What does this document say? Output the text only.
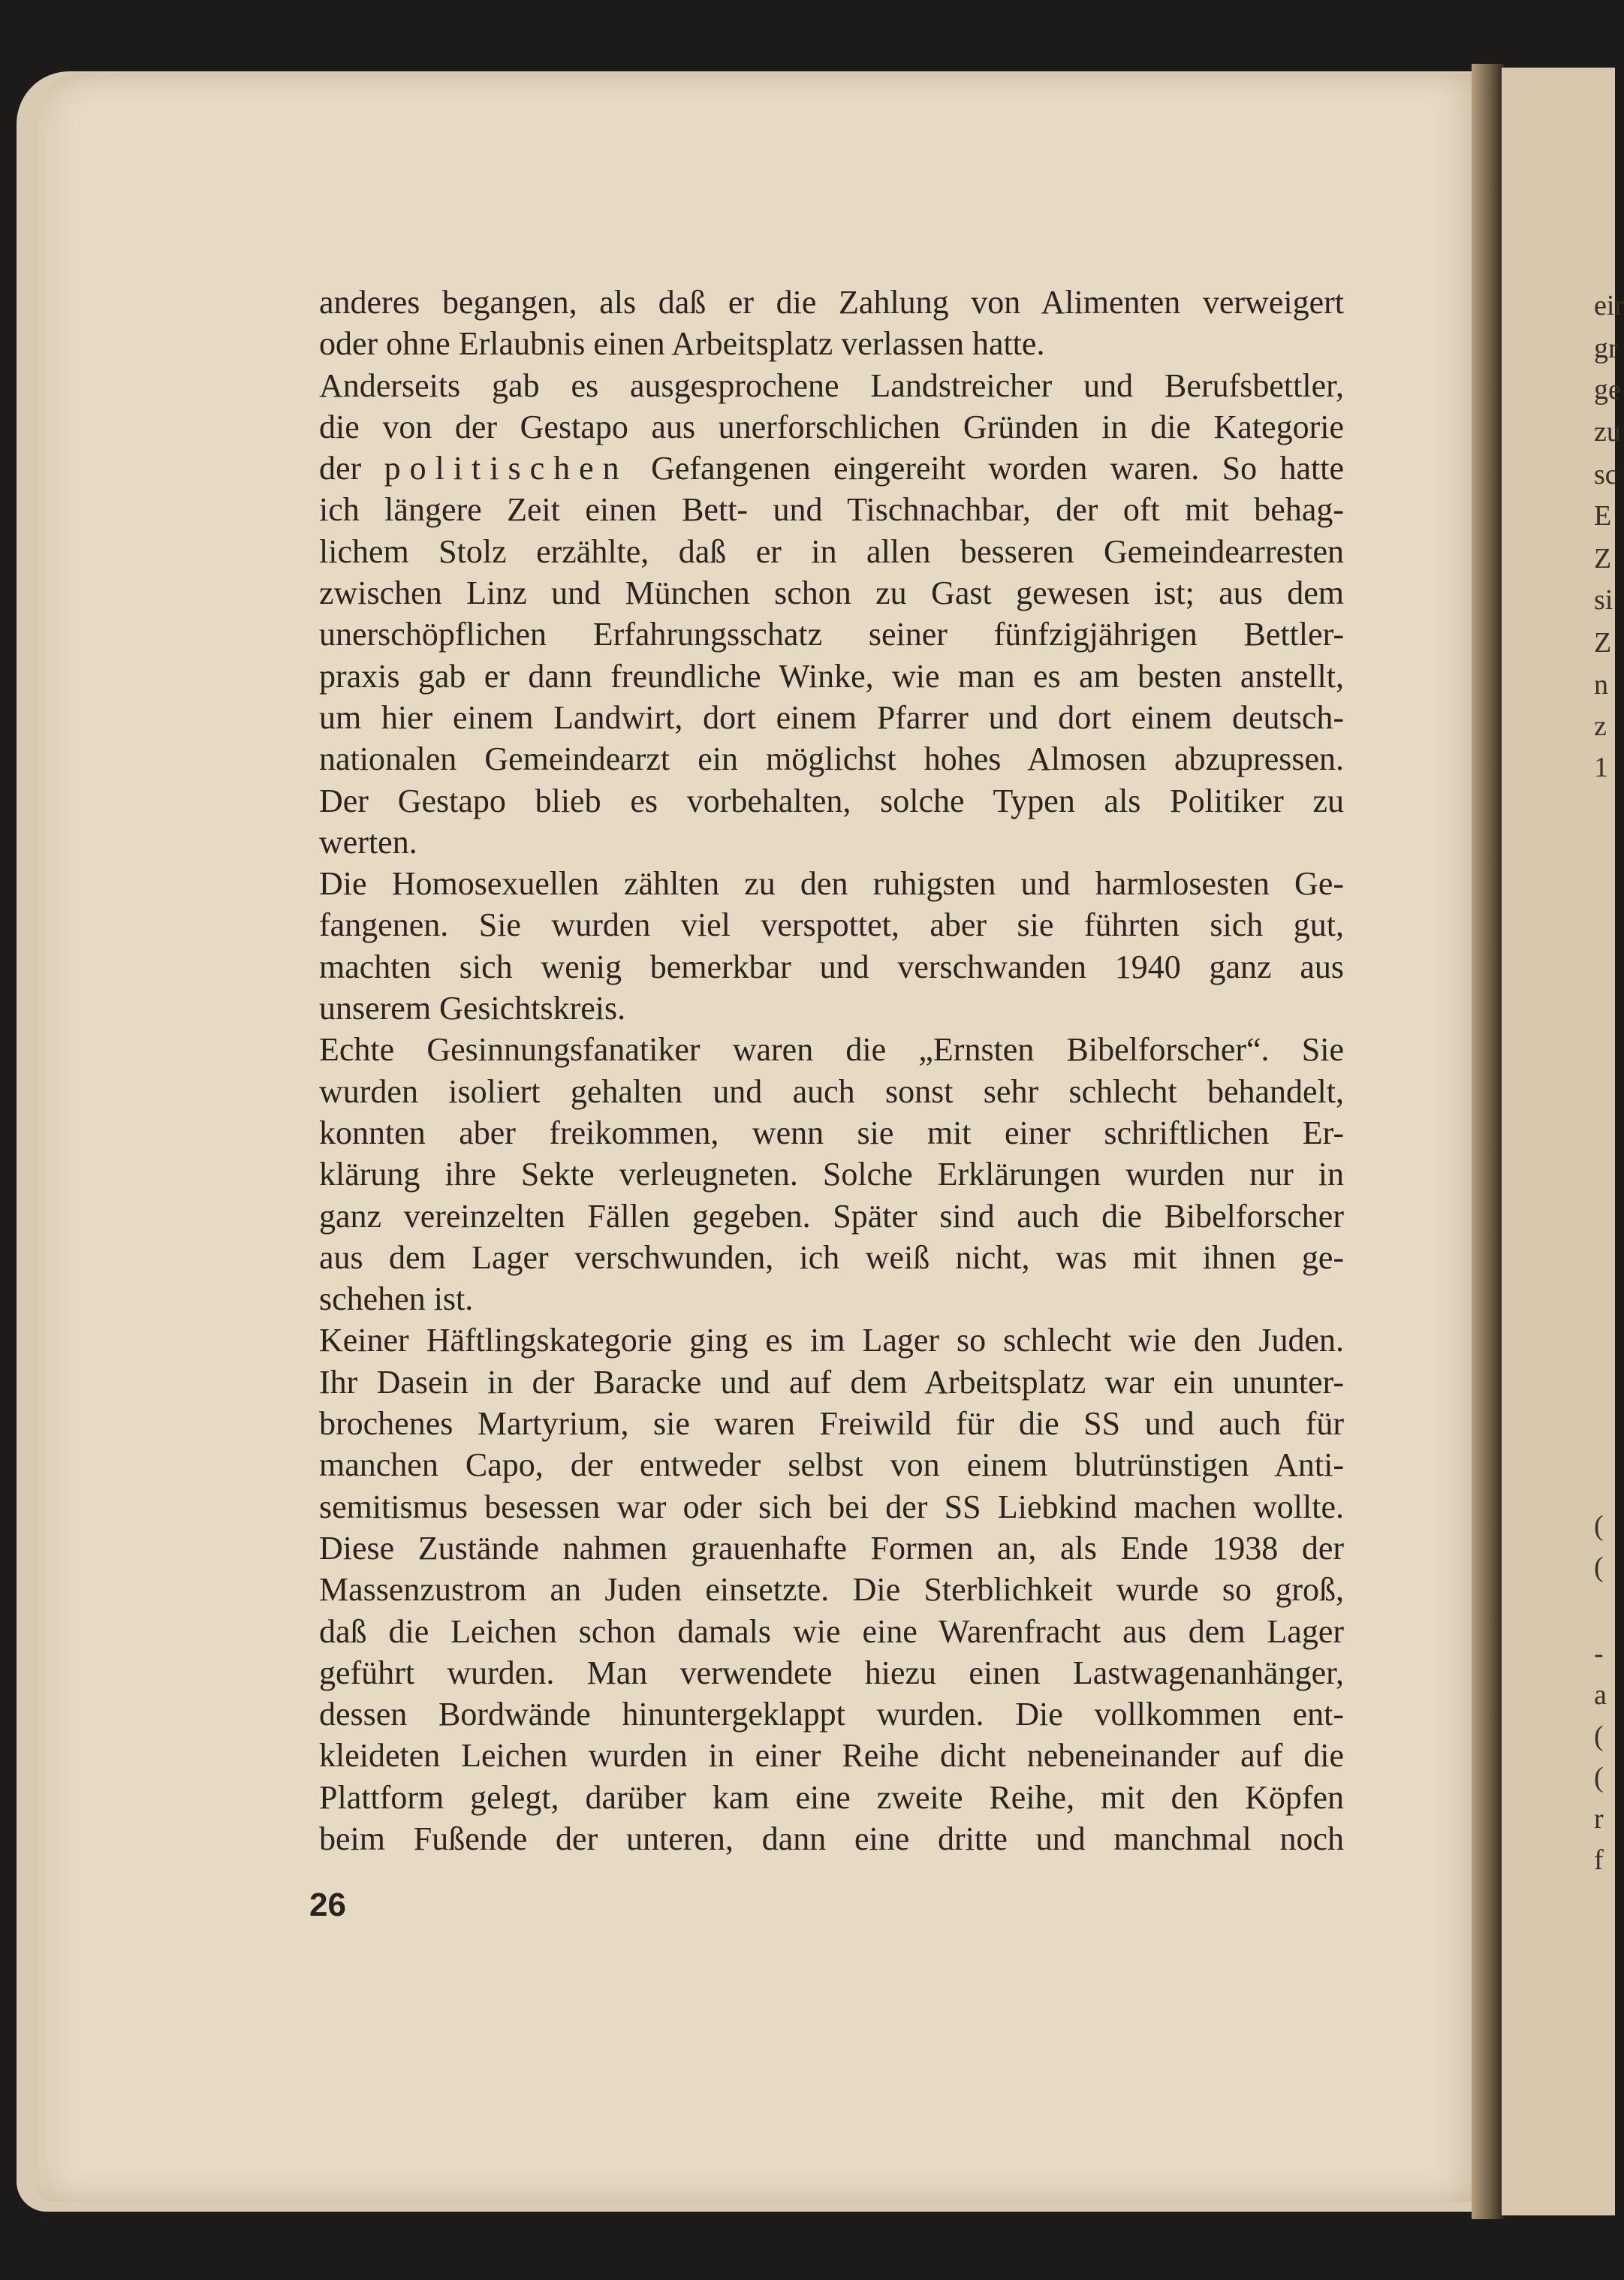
anderes begangen, als daß er die Zahlung von Alimenten verweigert
oder ohne Erlaubnis einen Arbeitsplatz verlassen hatte.
Anderseits gab es ausgesprochene Landstreicher und Berufsbettler,
die von der Gestapo aus unerforschlichen Gründen in die Kategorie
der politischen Gefangenen eingereiht worden waren. So hatte
ich längere Zeit einen Bett- und Tischnachbar, der oft mit behag-
lichem Stolz erzählte, daß er in allen besseren Gemeindearresten
zwischen Linz und München schon zu Gast gewesen ist; aus dem
unerschöpflichen Erfahrungsschatz seiner fünfzigjährigen Bettler-
praxis gab er dann freundliche Winke, wie man es am besten anstellt,
um hier einem Landwirt, dort einem Pfarrer und dort einem deutsch-
nationalen Gemeindearzt ein möglichst hohes Almosen abzupressen.
Der Gestapo blieb es vorbehalten, solche Typen als Politiker zu
werten.
Die Homosexuellen zählten zu den ruhigsten und harmlosesten Ge-
fangenen. Sie wurden viel verspottet, aber sie führten sich gut,
machten sich wenig bemerkbar und verschwanden 1940 ganz aus
unserem Gesichtskreis.
Echte Gesinnungsfanatiker waren die „Ernsten Bibelforscher“. Sie
wurden isoliert gehalten und auch sonst sehr schlecht behandelt,
konnten aber freikommen, wenn sie mit einer schriftlichen Er-
klärung ihre Sekte verleugneten. Solche Erklärungen wurden nur in
ganz vereinzelten Fällen gegeben. Später sind auch die Bibelforscher
aus dem Lager verschwunden, ich weiß nicht, was mit ihnen ge-
schehen ist.
Keiner Häftlingskategorie ging es im Lager so schlecht wie den Juden.
Ihr Dasein in der Baracke und auf dem Arbeitsplatz war ein ununter-
brochenes Martyrium, sie waren Freiwild für die SS und auch für
manchen Capo, der entweder selbst von einem blutrünstigen Anti-
semitismus besessen war oder sich bei der SS Liebkind machen wollte.
Diese Zustände nahmen grauenhafte Formen an, als Ende 1938 der
Massenzustrom an Juden einsetzte. Die Sterblichkeit wurde so groß,
daß die Leichen schon damals wie eine Warenfracht aus dem Lager
geführt wurden. Man verwendete hiezu einen Lastwagenanhänger,
dessen Bordwände hinuntergeklappt wurden. Die vollkommen ent-
kleideten Leichen wurden in einer Reihe dicht nebeneinander auf die
Plattform gelegt, darüber kam eine zweite Reihe, mit den Köpfen
beim Fußende der unteren, dann eine dritte und manchmal noch
26
eir
gr
ge
zu
sc
E
Z
si
Z
n
z
1
(
(
-
a
(
(
r
f
